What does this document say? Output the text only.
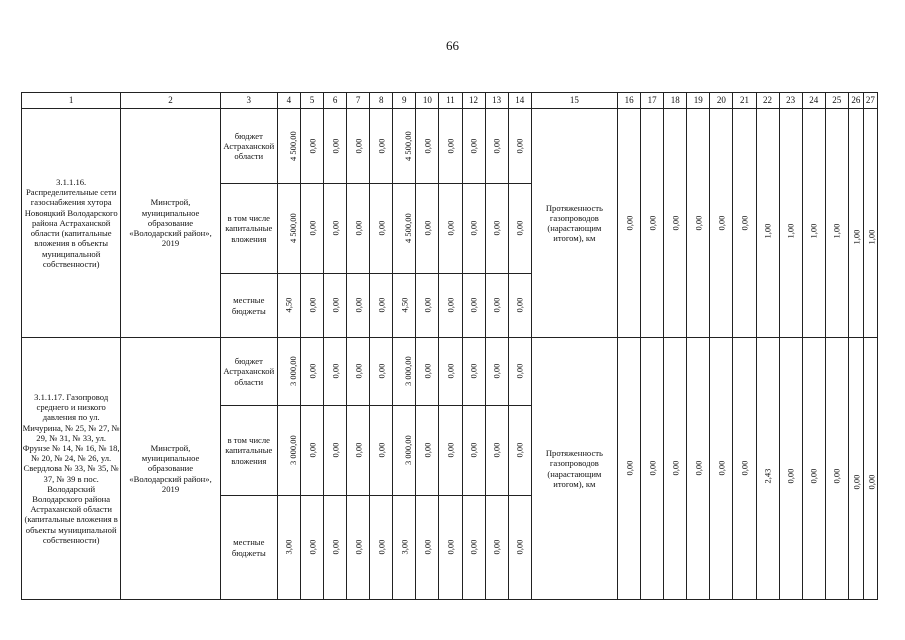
66
1	2	3	4	5	6	7	8	9	10	11	12	13	14	15	16	17	18	19	20	21	22	23	24	25	26	27
3.1.1.16. Распределительные сети газоснабжения хутора Новояцкий Володарского района Астраханской области (капитальные вложения в объекты муниципальной собственности)	Минстрой, муниципальное образование «Володарский район», 2019	бюджет Астраханской области	4 500,00	0,00	0,00	0,00	0,00	4 500,00	0,00	0,00	0,00	0,00	0,00	Протяженность газопроводов (нарастающим итогом), км	0,00	0,00	0,00	0,00	0,00	0,00	1,00	1,00	1,00	1,00	1,00	1,00
		в том числе капитальные вложения	4 500,00	0,00	0,00	0,00	0,00	4 500,00	0,00	0,00	0,00	0,00	0,00													
		местные бюджеты	4,50	0,00	0,00	0,00	0,00	4,50	0,00	0,00	0,00	0,00	0,00													
3.1.1.17. Газопровод среднего и низкого давления по ул. Мичурина, № 25, № 27, № 29, № 31, № 33, ул. Фрунзе № 14, № 16, № 18, № 20, № 24, № 26, ул. Свердлова № 33, № 35, № 37, № 39 в пос. Володарский Володарского района Астраханской области (капитальные вложения в объекты муниципальной собственности)	Минстрой, муниципальное образование «Володарский район», 2019	бюджет Астраханской области	3 000,00	0,00	0,00	0,00	0,00	3 000,00	0,00	0,00	0,00	0,00	0,00	Протяженность газопроводов (нарастающим итогом), км	0,00	0,00	0,00	0,00	0,00	0,00	2,43	0,00	0,00	0,00	0,00	0,00
		в том числе капитальные вложения	3 000,00	0,00	0,00	0,00	0,00	3 000,00	0,00	0,00	0,00	0,00	0,00													
		местные бюджеты	3,00	0,00	0,00	0,00	0,00	3,00	0,00	0,00	0,00	0,00	0,00													
